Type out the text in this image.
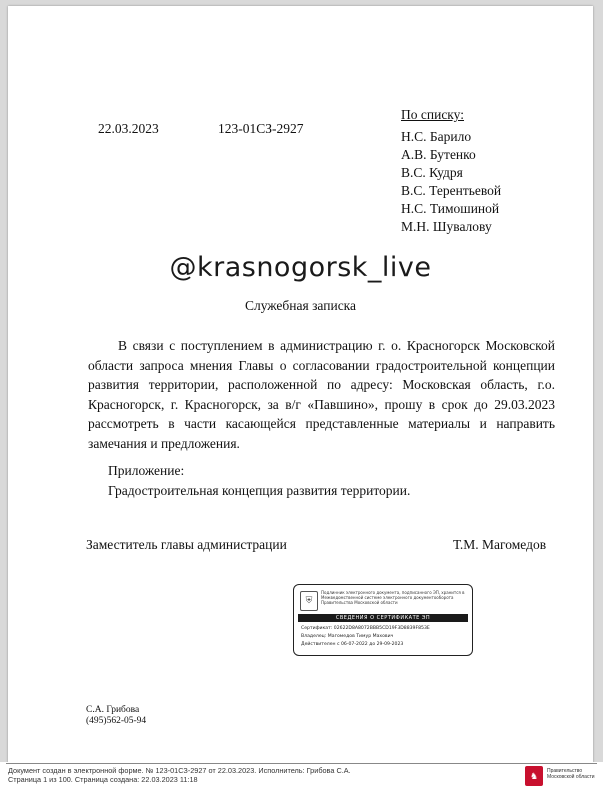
22.03.2023	123-01СЗ-2927
По списку:
Н.С. Барило
А.В. Бутенко
В.С. Кудря
В.С. Терентьевой
Н.С. Тимошиной
М.Н. Шувалову
@krasnogorsk_live
Служебная записка
В связи с поступлением в администрацию г. о. Красногорск Московской области запроса мнения Главы о согласовании градостроительной концепции развития территории, расположенной по адресу: Московская область, г.о. Красногорск, г. Красногорск, за в/г «Павшино», прошу в срок до 29.03.2023 рассмотреть в части касающейся представленные материалы и направить замечания и предложения.
Приложение:
Градостроительная концепция развития территории.
Заместитель главы администрации	Т.М. Магомедов
⛨
Подлинник электронного документа, подписанного ЭП, хранится в Межведомственной системе электронного документооборота Правительства Московской области
СВЕДЕНИЯ О СЕРТИФИКАТЕ ЭП
Сертификат: 02622D8A8072BBB5CD19F3D8839F853E
Владелец: Магомедов Тимур Махович
Действителен с 06-07-2022 до 29-09-2023
С.А. Грибова
(495)562-05-94
Документ создан в электронной форме. № 123-01СЗ-2927 от 22.03.2023. Исполнитель: Грибова С.А.
Страница 1 из 100. Страница создана: 22.03.2023 11:18	♞	Правительство
Московской области
